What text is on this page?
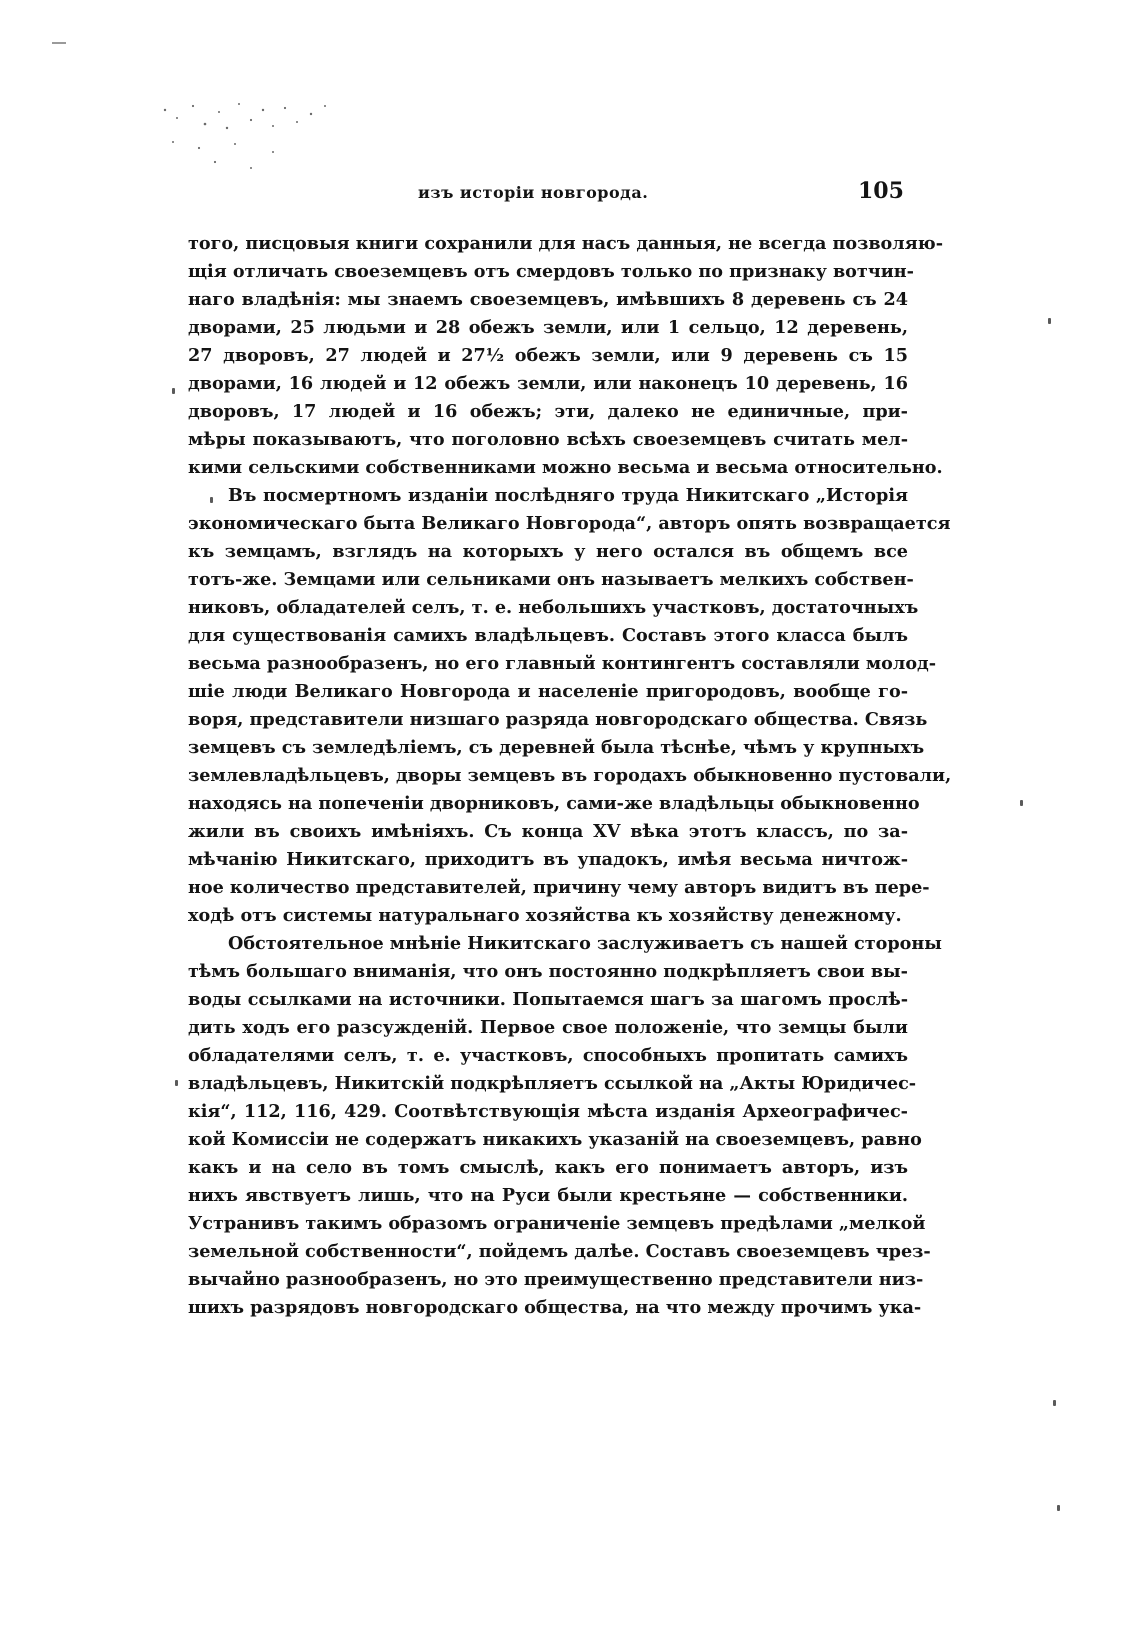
изъ исторіи новгорода.	105
того, писцовыя книги сохранили для насъ данныя, не всегда позволяю-
щія отличать своеземцевъ отъ смердовъ только по признаку вотчин-
наго владѣнія: мы знаемъ своеземцевъ, имѣвшихъ 8 деревень съ 24
дворами, 25 людьми и 28 обежъ земли, или 1 сельцо, 12 деревень,
27 дворовъ, 27 людей и 27½ обежъ земли, или 9 деревень съ 15
дворами, 16 людей и 12 обежъ земли, или наконецъ 10 деревень, 16
дворовъ, 17 людей и 16 обежъ; эти, далеко не единичные, при-
мѣры показываютъ, что поголовно всѣхъ своеземцевъ считать мел-
кими сельскими собственниками можно весьма и весьма относительно.
Въ посмертномъ изданіи послѣдняго труда Никитскаго „Исторія
экономическаго быта Великаго Новгорода“, авторъ опять возвращается
къ земцамъ, взглядъ на которыхъ у него остался въ общемъ все
тотъ-же. Земцами или сельниками онъ называетъ мелкихъ собствен-
никовъ, обладателей селъ, т. е. небольшихъ участковъ, достаточныхъ
для существованія самихъ владѣльцевъ. Составъ этого класса былъ
весьма разнообразенъ, но его главный контингентъ составляли молод-
шіе люди Великаго Новгорода и населеніе пригородовъ, вообще го-
воря, представители низшаго разряда новгородскаго общества. Связь
земцевъ съ земледѣліемъ, съ деревней была тѣснѣе, чѣмъ у крупныхъ
землевладѣльцевъ, дворы земцевъ въ городахъ обыкновенно пустовали,
находясь на попеченіи дворниковъ, сами-же владѣльцы обыкновенно
жили въ своихъ имѣніяхъ. Съ конца XV вѣка этотъ классъ, по за-
мѣчанію Никитскаго, приходитъ въ упадокъ, имѣя весьма ничтож-
ное количество представителей, причину чему авторъ видитъ въ пере-
ходѣ отъ системы натуральнаго хозяйства къ хозяйству денежному.
Обстоятельное мнѣніе Никитскаго заслуживаетъ съ нашей стороны
тѣмъ большаго вниманія, что онъ постоянно подкрѣпляетъ свои вы-
воды ссылками на источники. Попытаемся шагъ за шагомъ прослѣ-
дить ходъ его разсужденій. Первое свое положеніе, что земцы были
обладателями селъ, т. е. участковъ, способныхъ пропитать самихъ
владѣльцевъ, Никитскій подкрѣпляетъ ссылкой на „Акты Юридичес-
кія“, 112, 116, 429. Соотвѣтствующія мѣста изданія Археографичес-
кой Комиссіи не содержатъ никакихъ указаній на своеземцевъ, равно
какъ и на село въ томъ смыслѣ, какъ его понимаетъ авторъ, изъ
нихъ явствуетъ лишь, что на Руси были крестьяне — собственники.
Устранивъ такимъ образомъ ограниченіе земцевъ предѣлами „мелкой
земельной собственности“, пойдемъ далѣе. Составъ своеземцевъ чрез-
вычайно разнообразенъ, но это преимущественно представители низ-
шихъ разрядовъ новгородскаго общества, на что между прочимъ ука-
